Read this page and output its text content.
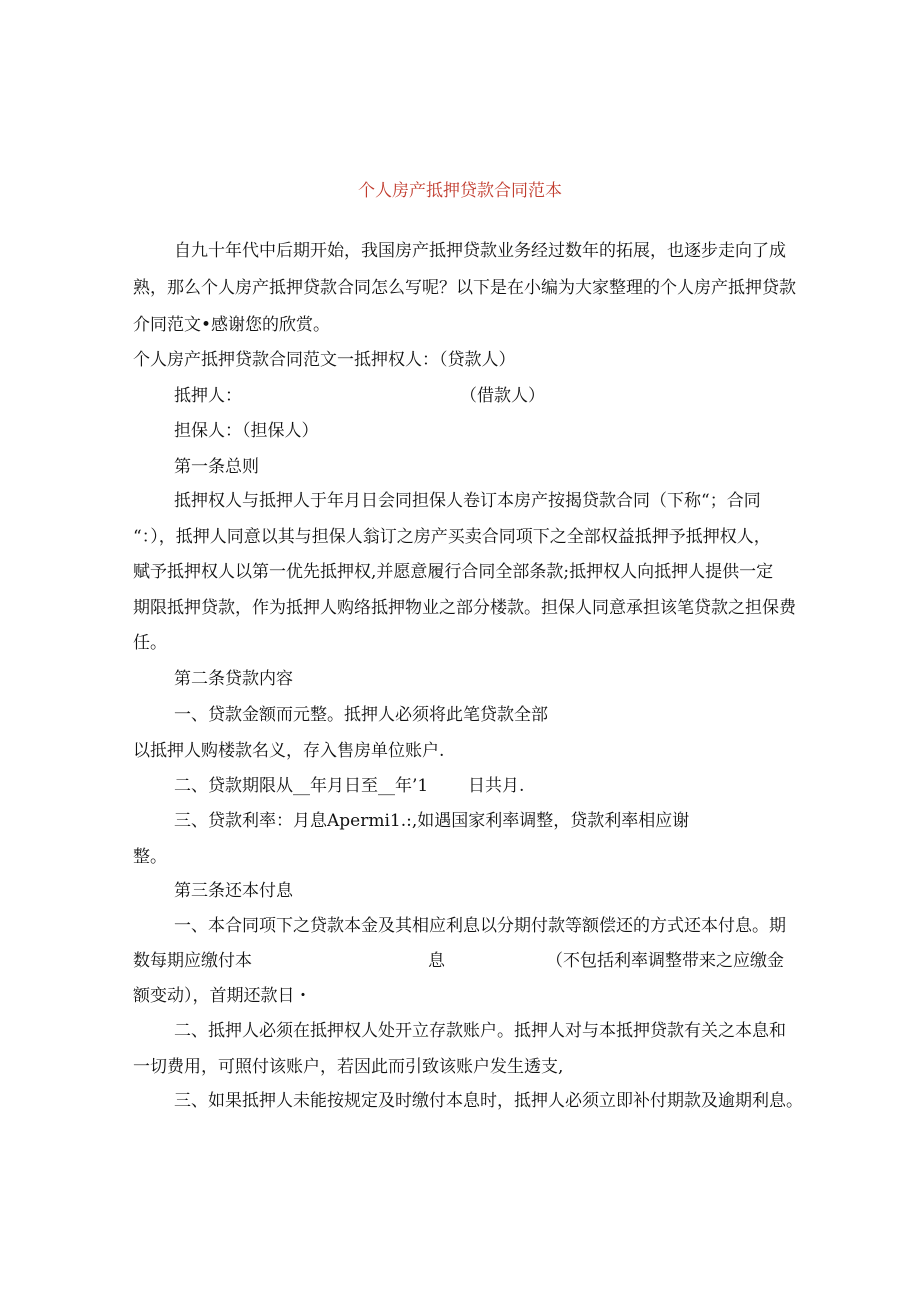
个人房产抵押贷款合同范本
自九十年代中后期开始，我国房产抵押贷款业务经过数年的拓展，也逐步走向了成
熟，那么个人房产抵押贷款合同怎么写呢？以下是在小编为大家整理的个人房产抵押贷款
介同范文•感谢您的欣赏。
个人房产抵押贷款合同范文一抵押权人：（贷款人）
抵押人：	（借款人）
担保人：（担保人）
第一条总则
抵押权人与抵押人于年月日会同担保人卷订本房产按揭贷款合同（下称“；合同
“：），抵押人同意以其与担保人翁订之房产买卖合同项下之全部权益抵押予抵押权人，
赋予抵押权人以第一优先抵押权,并愿意履行合同全部条款;抵押权人向抵押人提供一定
期限抵押贷款，作为抵押人购络抵押物业之部分楼款。担保人同意承担该笔贷款之担保费
任。
第二条贷款内容
一、贷款金额而元整。抵押人必须将此笔贷款全部
以抵押人购楼款名义，存入售房单位账户.
二、贷款期限从__年月日至__年’1 日共月.
三、贷款利率：月息Apermi1.:,如遇国家利率调整，贷款利率相应谢
整。
第三条还本付息
一、本合同项下之贷款本金及其相应利息以分期付款等额偿还的方式还本付息。期
数每期应缴付本	息	（不包括利率调整带来之应缴金
额变动），首期还款日・
二、抵押人必须在抵押权人处开立存款账户。抵押人对与本抵押贷款有关之本息和
一切费用，可照付该账户，若因此而引致该账户发生透支,
三、如果抵押人未能按规定及时缴付本息时，抵押人必须立即补付期款及逾期利息。
